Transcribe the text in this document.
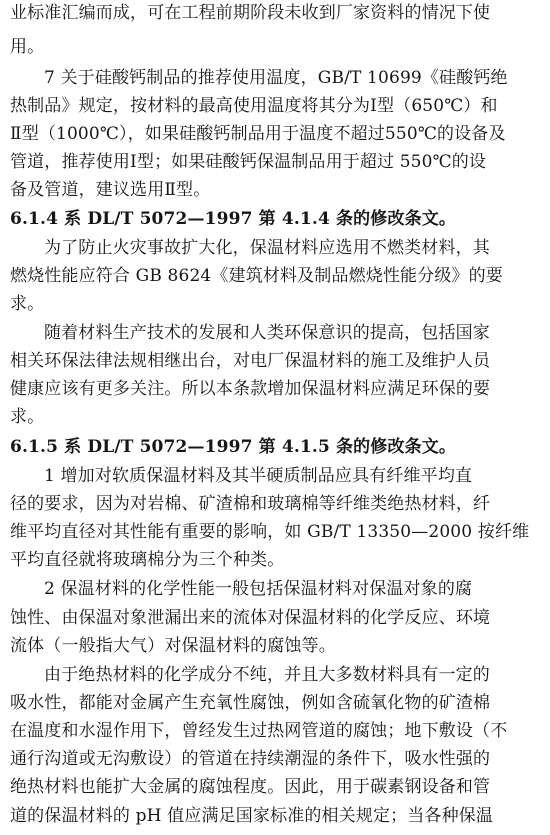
业标准汇编而成，可在工程前期阶段未收到厂家资料的情况下使
用。
7 关于硅酸钙制品的推荐使用温度，GB/T 10699《硅酸钙绝
热制品》规定，按材料的最高使用温度将其分为Ⅰ型（650℃）和
Ⅱ型（1000℃），如果硅酸钙制品用于温度不超过550℃的设备及
管道，推荐使用Ⅰ型；如果硅酸钙保温制品用于超过 550℃的设
备及管道，建议选用Ⅱ型。
6.1.4 系 DL/T 5072—1997 第 4.1.4 条的修改条文。
为了防止火灾事故扩大化，保温材料应选用不燃类材料，其
燃烧性能应符合 GB 8624《建筑材料及制品燃烧性能分级》的要
求。
随着材料生产技术的发展和人类环保意识的提高，包括国家
相关环保法律法规相继出台，对电厂保温材料的施工及维护人员
健康应该有更多关注。所以本条款增加保温材料应满足环保的要
求。
6.1.5 系 DL/T 5072—1997 第 4.1.5 条的修改条文。
1 增加对软质保温材料及其半硬质制品应具有纤维平均直
径的要求，因为对岩棉、矿渣棉和玻璃棉等纤维类绝热材料，纤
维平均直径对其性能有重要的影响，如 GB/T 13350—2000 按纤维
平均直径就将玻璃棉分为三个种类。
2 保温材料的化学性能一般包括保温材料对保温对象的腐
蚀性、由保温对象泄漏出来的流体对保温材料的化学反应、环境
流体（一般指大气）对保温材料的腐蚀等。
由于绝热材料的化学成分不纯，并且大多数材料具有一定的
吸水性，都能对金属产生充氧性腐蚀，例如含硫氧化物的矿渣棉
在温度和水湿作用下，曾经发生过热网管道的腐蚀；地下敷设（不
通行沟道或无沟敷设）的管道在持续潮湿的条件下，吸水性强的
绝热材料也能扩大金属的腐蚀程度。因此，用于碳素钢设备和管
道的保温材料的 pH 值应满足国家标准的相关规定；当各种保温
